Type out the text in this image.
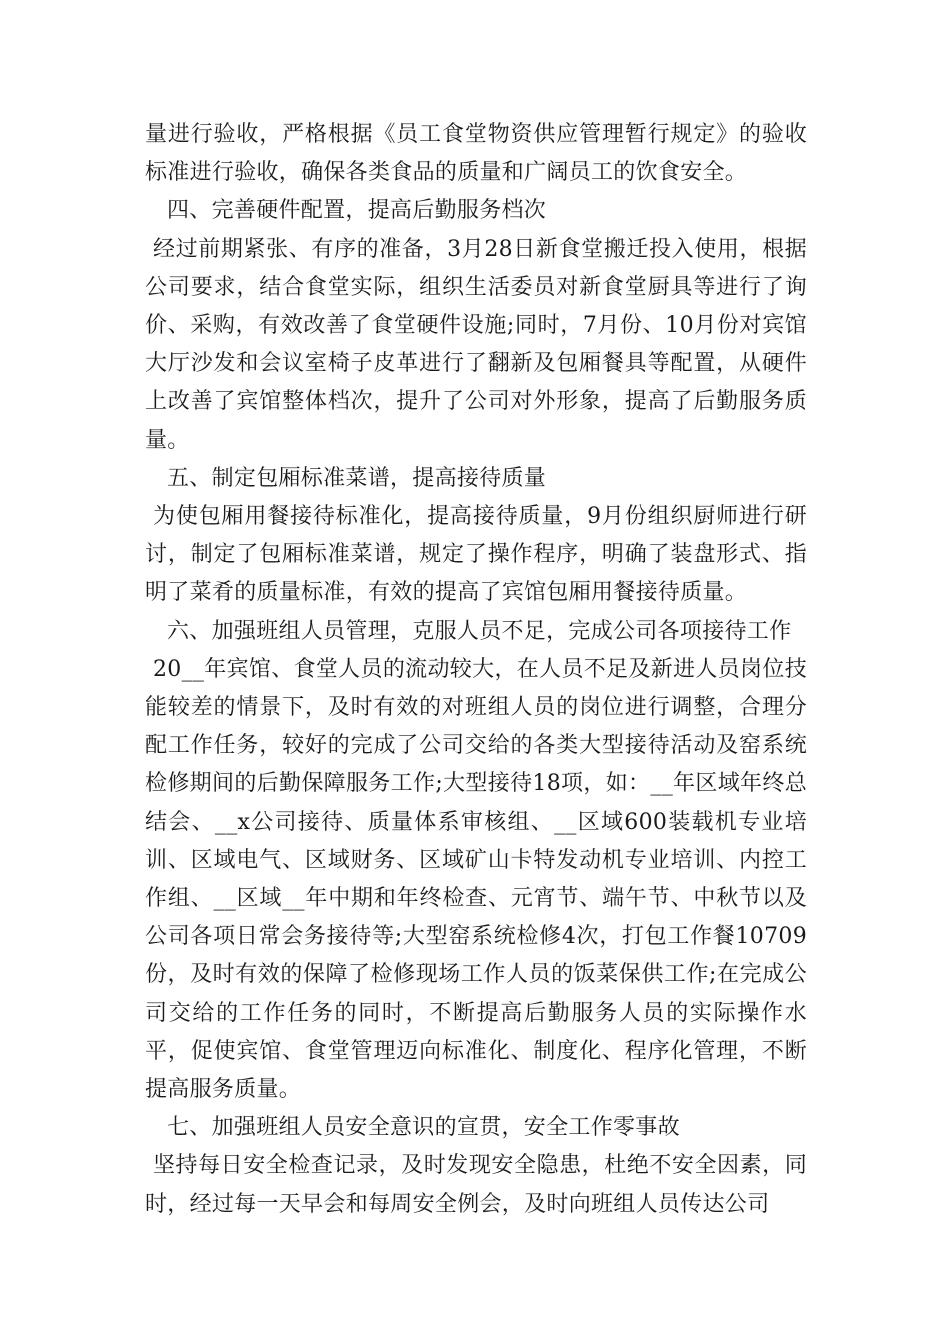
量进行验收，严格根据《员工食堂物资供应管理暂行规定》的验收标准进行验收，确保各类食品的质量和广阔员工的饮食安全。

四、完善硬件配置，提高后勤服务档次

经过前期紧张、有序的准备，3月28日新食堂搬迁投入使用，根据公司要求，结合食堂实际，组织生活委员对新食堂厨具等进行了询价、采购，有效改善了食堂硬件设施;同时，7月份、10月份对宾馆大厅沙发和会议室椅子皮革进行了翻新及包厢餐具等配置，从硬件上改善了宾馆整体档次，提升了公司对外形象，提高了后勤服务质量。

五、制定包厢标准菜谱，提高接待质量

为使包厢用餐接待标准化，提高接待质量，9月份组织厨师进行研讨，制定了包厢标准菜谱，规定了操作程序，明确了装盘形式、指明了菜肴的质量标准，有效的提高了宾馆包厢用餐接待质量。

六、加强班组人员管理，克服人员不足，完成公司各项接待工作

20__年宾馆、食堂人员的流动较大，在人员不足及新进人员岗位技能较差的情景下，及时有效的对班组人员的岗位进行调整，合理分配工作任务，较好的完成了公司交给的各类大型接待活动及窑系统检修期间的后勤保障服务工作;大型接待18项，如：__年区域年终总结会、__x公司接待、质量体系审核组、__区域600装载机专业培训、区域电气、区域财务、区域矿山卡特发动机专业培训、内控工作组、__区域__年中期和年终检查、元宵节、端午节、中秋节以及公司各项日常会务接待等;大型窑系统检修4次，打包工作餐10709份，及时有效的保障了检修现场工作人员的饭菜保供工作;在完成公司交给的工作任务的同时，不断提高后勤服务人员的实际操作水平，促使宾馆、食堂管理迈向标准化、制度化、程序化管理，不断提高服务质量。

七、加强班组人员安全意识的宣贯，安全工作零事故

坚持每日安全检查记录，及时发现安全隐患，杜绝不安全因素，同时，经过每一天早会和每周安全例会，及时向班组人员传达公司
